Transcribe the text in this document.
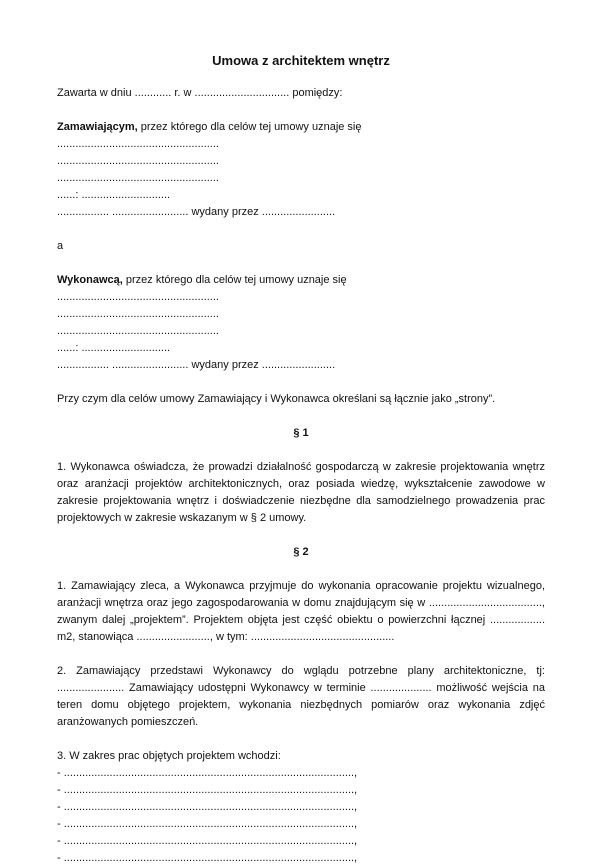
Umowa z architektem wnętrz

Zawarta w dniu ............ r. w ............................... pomiędzy:

Zamawiającym, przez którego dla celów tej umowy uznaje się

.....................................................

.....................................................

.....................................................

......: .............................

................. ......................... wydany przez ........................

a

Wykonawcą, przez którego dla celów tej umowy uznaje się

.....................................................

.....................................................

.....................................................

......: .............................

................. ......................... wydany przez ........................

Przy czym dla celów umowy Zamawiający i Wykonawca określani są łącznie jako „strony”.

§ 1

1. Wykonawca oświadcza, że prowadzi działalność gospodarczą w zakresie projektowania wnętrz oraz aranżacji projektów architektonicznych, oraz posiada wiedzę, wykształcenie zawodowe w zakresie projektowania wnętrz i doświadczenie niezbędne dla samodzielnego prowadzenia prac projektowych w zakresie wskazanym w § 2 umowy.

§ 2

1. Zamawiający zleca, a Wykonawca przyjmuje do wykonania opracowanie projektu wizualnego, aranżacji wnętrza oraz jego zagospodarowania w domu znajdującym się w ....................................., zwanym dalej „projektem”. Projektem objęta jest część obiektu o powierzchni łącznej .................. m2, stanowiąca ........................, w tym: ...............................................

2. Zamawiający przedstawi Wykonawcy do wglądu potrzebne plany architektoniczne, tj: ...................... Zamawiający udostępni Wykonawcy w terminie .................... możliwość wejścia na teren domu objętego projektem, wykonania niezbędnych pomiarów oraz wykonania zdjęć aranżowanych pomieszczeń.

3. W zakres prac objętych projektem wchodzi:

- ...............................................................................................,

- ...............................................................................................,

- ...............................................................................................,

- ...............................................................................................,

- ...............................................................................................,

- ...............................................................................................,
